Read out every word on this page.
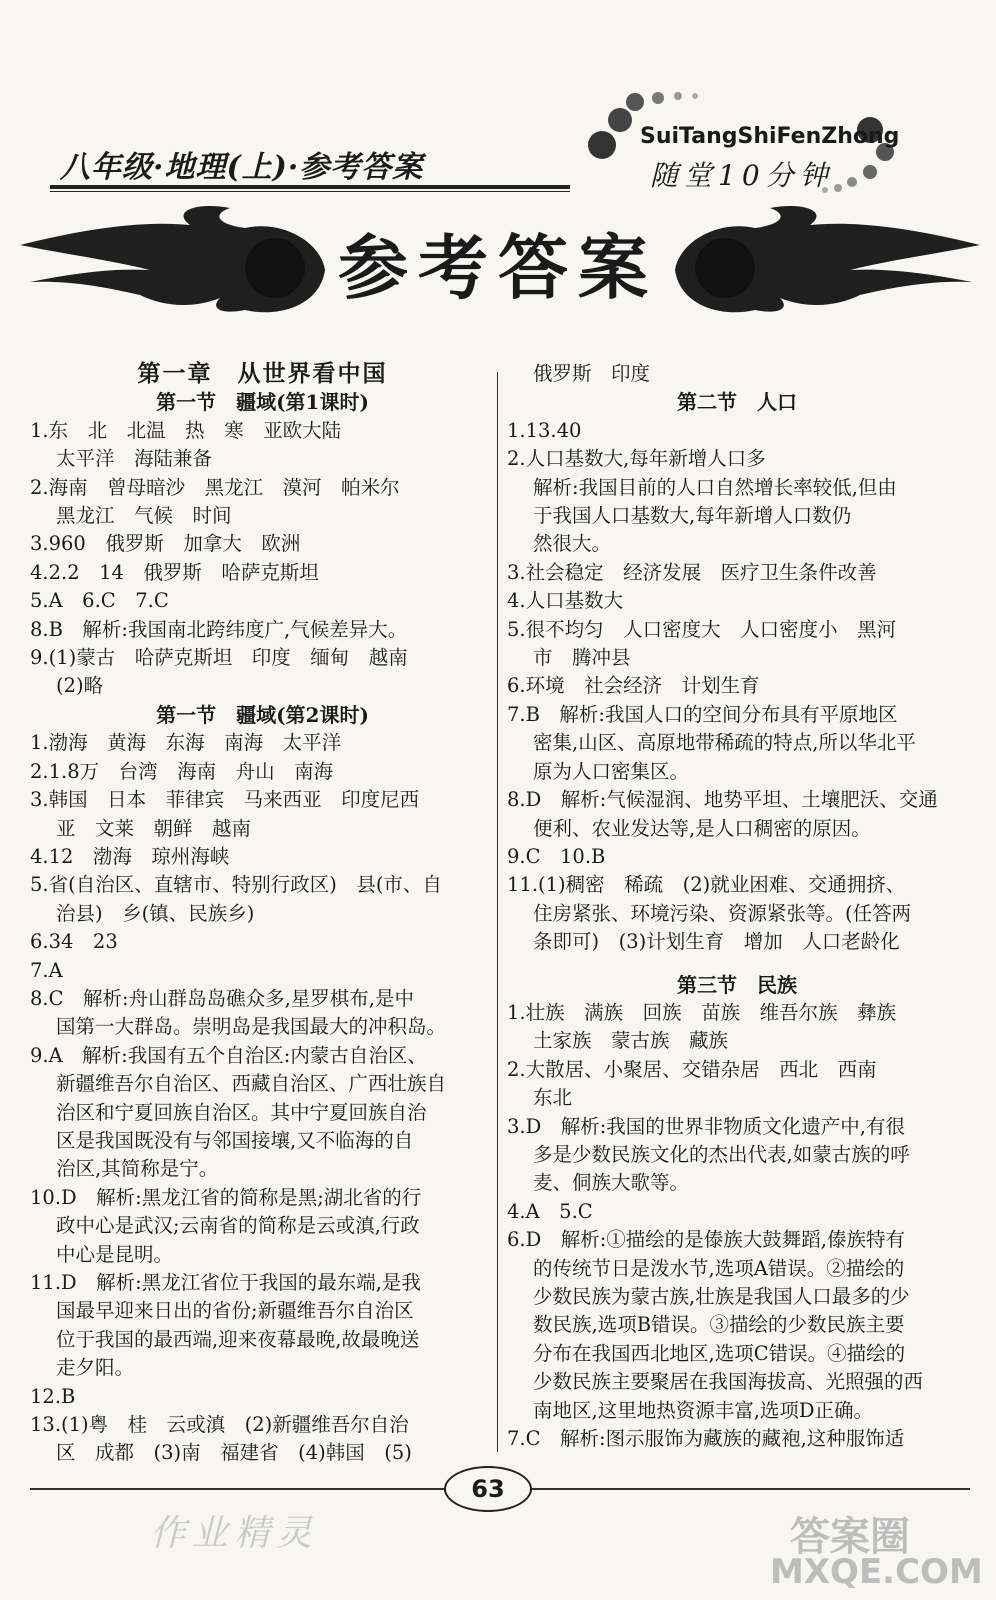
八年级·地理(上)·参考答案
SuiTangShiFenZhong
随堂10分钟
参考答案
第一章　从世界看中国
第一节　疆域(第1课时)
1.东　北　北温　热　寒　亚欧大陆
太平洋　海陆兼备
2.海南　曾母暗沙　黑龙江　漠河　帕米尔
黑龙江　气候　时间
3.960　俄罗斯　加拿大　欧洲
4.2.2　14　俄罗斯　哈萨克斯坦
5.A　6.C　7.C
8.B　解析:我国南北跨纬度广,气候差异大。
9.(1)蒙古　哈萨克斯坦　印度　缅甸　越南
(2)略
第一节　疆域(第2课时)
1.渤海　黄海　东海　南海　太平洋
2.1.8万　台湾　海南　舟山　南海
3.韩国　日本　菲律宾　马来西亚　印度尼西
亚　文莱　朝鲜　越南
4.12　渤海　琼州海峡
5.省(自治区、直辖市、特别行政区)　县(市、自
治县)　乡(镇、民族乡)
6.34　23
7.A
8.C　解析:舟山群岛岛礁众多,星罗棋布,是中
国第一大群岛。崇明岛是我国最大的冲积岛。
9.A　解析:我国有五个自治区:内蒙古自治区、
新疆维吾尔自治区、西藏自治区、广西壮族自
治区和宁夏回族自治区。其中宁夏回族自治
区是我国既没有与邻国接壤,又不临海的自
治区,其简称是宁。
10.D　解析:黑龙江省的简称是黑;湖北省的行
政中心是武汉;云南省的简称是云或滇,行政
中心是昆明。
11.D　解析:黑龙江省位于我国的最东端,是我
国最早迎来日出的省份;新疆维吾尔自治区
位于我国的最西端,迎来夜幕最晚,故最晚送
走夕阳。
12.B
13.(1)粤　桂　云或滇　(2)新疆维吾尔自治
区　成都　(3)南　福建省　(4)韩国　(5)
俄罗斯　印度
第二节　人口
1.13.40
2.人口基数大,每年新增人口多
解析:我国目前的人口自然增长率较低,但由
于我国人口基数大,每年新增人口数仍
然很大。
3.社会稳定　经济发展　医疗卫生条件改善
4.人口基数大
5.很不均匀　人口密度大　人口密度小　黑河
市　腾冲县
6.环境　社会经济　计划生育
7.B　解析:我国人口的空间分布具有平原地区
密集,山区、高原地带稀疏的特点,所以华北平
原为人口密集区。
8.D　解析:气候湿润、地势平坦、土壤肥沃、交通
便利、农业发达等,是人口稠密的原因。
9.C　10.B
11.(1)稠密　稀疏　(2)就业困难、交通拥挤、
住房紧张、环境污染、资源紧张等。(任答两
条即可)　(3)计划生育　增加　人口老龄化
第三节　民族
1.壮族　满族　回族　苗族　维吾尔族　彝族
土家族　蒙古族　藏族
2.大散居、小聚居、交错杂居　西北　西南
东北
3.D　解析:我国的世界非物质文化遗产中,有很
多是少数民族文化的杰出代表,如蒙古族的呼
麦、侗族大歌等。
4.A　5.C
6.D　解析:①描绘的是傣族大鼓舞蹈,傣族特有
的传统节日是泼水节,选项A错误。②描绘的
少数民族为蒙古族,壮族是我国人口最多的少
数民族,选项B错误。③描绘的少数民族主要
分布在我国西北地区,选项C错误。④描绘的
少数民族主要聚居在我国海拔高、光照强的西
南地区,这里地热资源丰富,选项D正确。
7.C　解析:图示服饰为藏族的藏袍,这种服饰适
63
作业精灵	答案圈
MXQE.COM
